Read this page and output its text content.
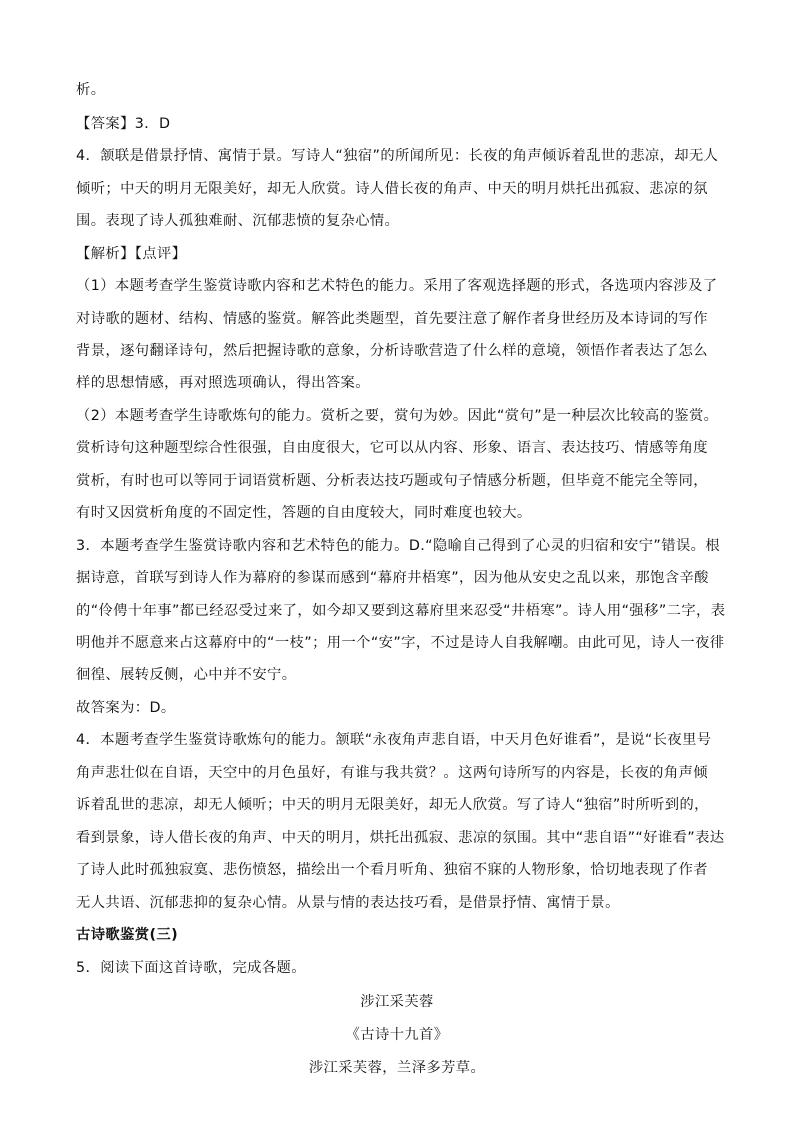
析。
【答案】3．D
4．颔联是借景抒情、寓情于景。写诗人“独宿”的所闻所见：长夜的角声倾诉着乱世的悲凉，却无人
倾听；中天的明月无限美好，却无人欣赏。诗人借长夜的角声、中天的明月烘托出孤寂、悲凉的氛
围。表现了诗人孤独难耐、沉郁悲愤的复杂心情。
【解析】【点评】
（1）本题考查学生鉴赏诗歌内容和艺术特色的能力。采用了客观选择题的形式，各选项内容涉及了
对诗歌的题材、结构、情感的鉴赏。解答此类题型，首先要注意了解作者身世经历及本诗词的写作
背景，逐句翻译诗句，然后把握诗歌的意象，分析诗歌营造了什么样的意境，领悟作者表达了怎么
样的思想情感，再对照选项确认，得出答案。
（2）本题考查学生诗歌炼句的能力。赏析之要，赏句为妙。因此“赏句”是一种层次比较高的鉴赏。
赏析诗句这种题型综合性很强，自由度很大，它可以从内容、形象、语言、表达技巧、情感等角度
赏析，有时也可以等同于词语赏析题、分析表达技巧题或句子情感分析题，但毕竟不能完全等同，
有时又因赏析角度的不固定性，答题的自由度较大，同时难度也较大。
3．本题考查学生鉴赏诗歌内容和艺术特色的能力。D.“隐喻自己得到了心灵的归宿和安宁”错误。根
据诗意，首联写到诗人作为幕府的参谋而感到“幕府井梧寒”，因为他从安史之乱以来，那饱含辛酸
的“伶俜十年事”都已经忍受过来了，如今却又要到这幕府里来忍受“井梧寒”。诗人用“强移”二字，表
明他并不愿意来占这幕府中的“一枝”；用一个“安”字，不过是诗人自我解嘲。由此可见，诗人一夜徘
徊徨、展转反侧，心中并不安宁。
故答案为：D。
4．本题考查学生鉴赏诗歌炼句的能力。颔联“永夜角声悲自语，中天月色好谁看”，是说“长夜里号
角声悲壮似在自语，天空中的月色虽好，有谁与我共赏？。这两句诗所写的内容是，长夜的角声倾
诉着乱世的悲凉，却无人倾听；中天的明月无限美好，却无人欣赏。写了诗人“独宿”时所听到的，
看到景象，诗人借长夜的角声、中天的明月，烘托出孤寂、悲凉的氛围。其中“悲自语”“好谁看”表达
了诗人此时孤独寂寞、悲伤愤怒，描绘出一个看月听角、独宿不寐的人物形象，恰切地表现了作者
无人共语、沉郁悲抑的复杂心情。从景与情的表达技巧看，是借景抒情、寓情于景。
古诗歌鉴赏(三)
5．阅读下面这首诗歌，完成各题。
涉江采芙蓉
《古诗十九首》
涉江采芙蓉，兰泽多芳草。
